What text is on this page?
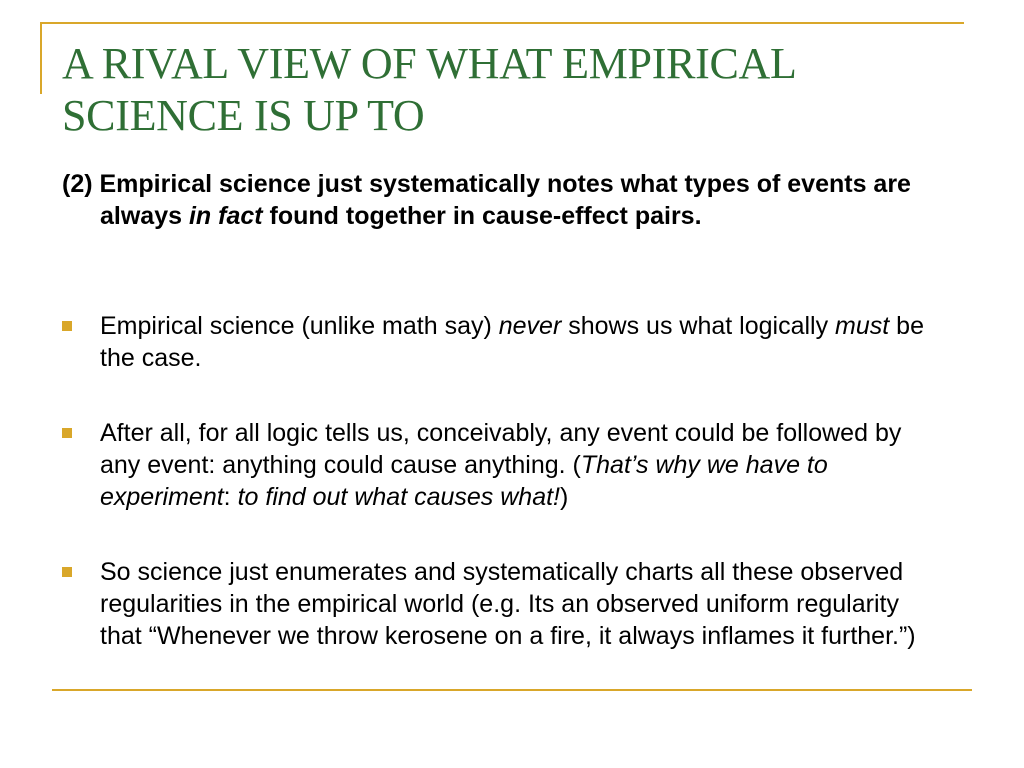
A RIVAL VIEW OF WHAT EMPIRICAL SCIENCE IS UP TO

(2) Empirical science just systematically notes what types of events are always in fact found together in cause-effect pairs.

Empirical science (unlike math say) never shows us what logically must be the case.
After all, for all logic tells us, conceivably, any event could be followed by any event: anything could cause anything. (That’s why we have to experiment: to find out what causes what!)
So science just enumerates and systematically charts all these observed regularities in the empirical world (e.g. Its an observed uniform regularity that “Whenever we throw kerosene on a fire, it always inflames it further.”)
